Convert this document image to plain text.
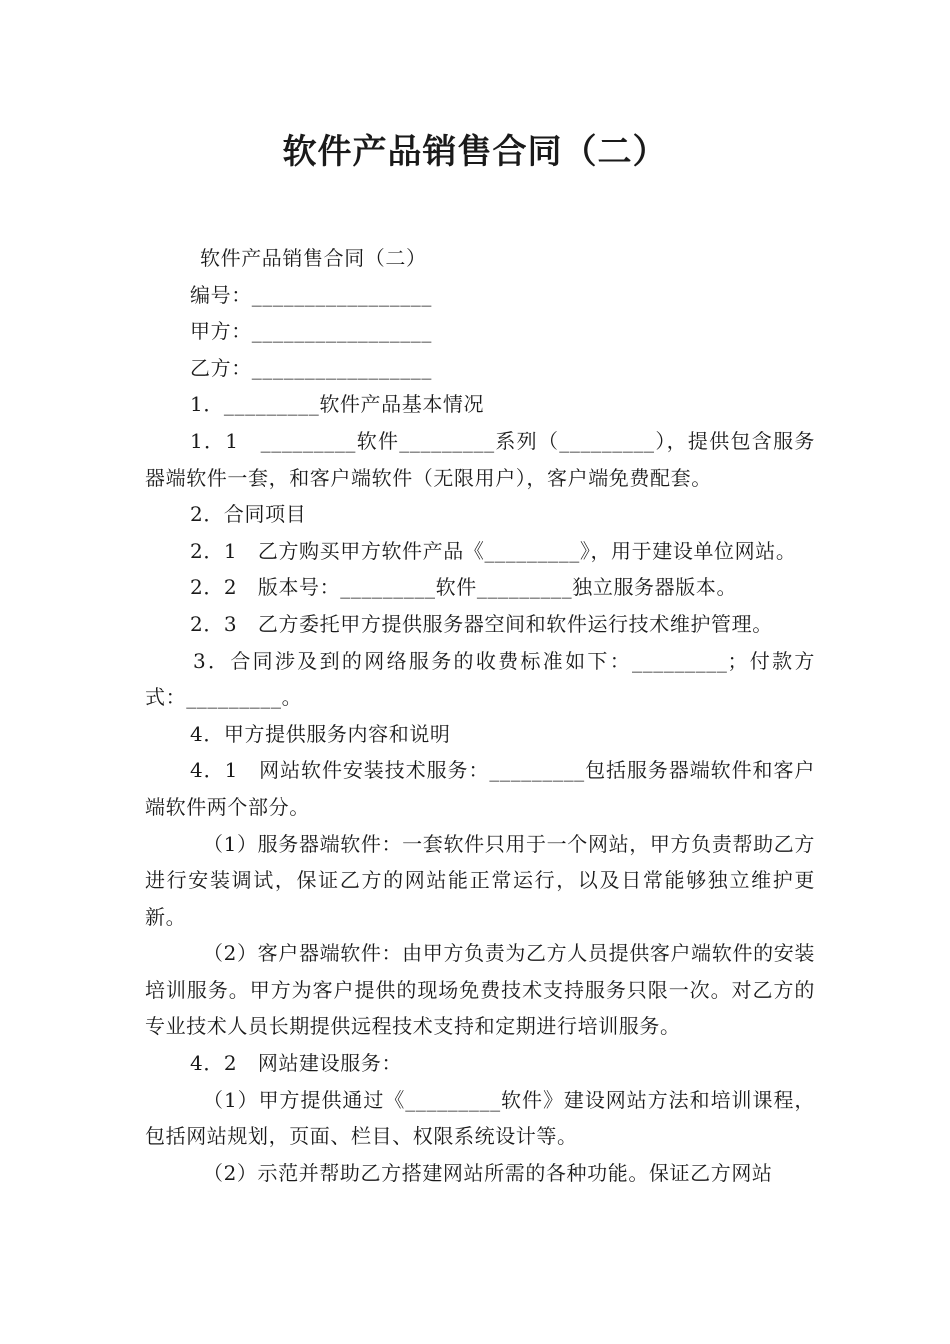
软件产品销售合同（二）

软件产品销售合同（二）

编号：_________________

甲方：_________________

乙方：_________________

1．_________软件产品基本情况

1．1　_________软件_________系列（_________），提供包含服务器端软件一套，和客户端软件（无限用户），客户端免费配套。

2．合同项目

2．1　乙方购买甲方软件产品《_________》，用于建设单位网站。

2．2　版本号：_________软件_________独立服务器版本。

2．3　乙方委托甲方提供服务器空间和软件运行技术维护管理。

3．合同涉及到的网络服务的收费标准如下：_________；付款方式：_________。

4．甲方提供服务内容和说明

4．1　网站软件安装技术服务：_________包括服务器端软件和客户端软件两个部分。

（1）服务器端软件：一套软件只用于一个网站，甲方负责帮助乙方进行安装调试，保证乙方的网站能正常运行，以及日常能够独立维护更新。

（2）客户器端软件：由甲方负责为乙方人员提供客户端软件的安装培训服务。甲方为客户提供的现场免费技术支持服务只限一次。对乙方的专业技术人员长期提供远程技术支持和定期进行培训服务。

4．2　网站建设服务：

（1）甲方提供通过《_________软件》建设网站方法和培训课程，包括网站规划，页面、栏目、权限系统设计等。

（2）示范并帮助乙方搭建网站所需的各种功能。保证乙方网站
